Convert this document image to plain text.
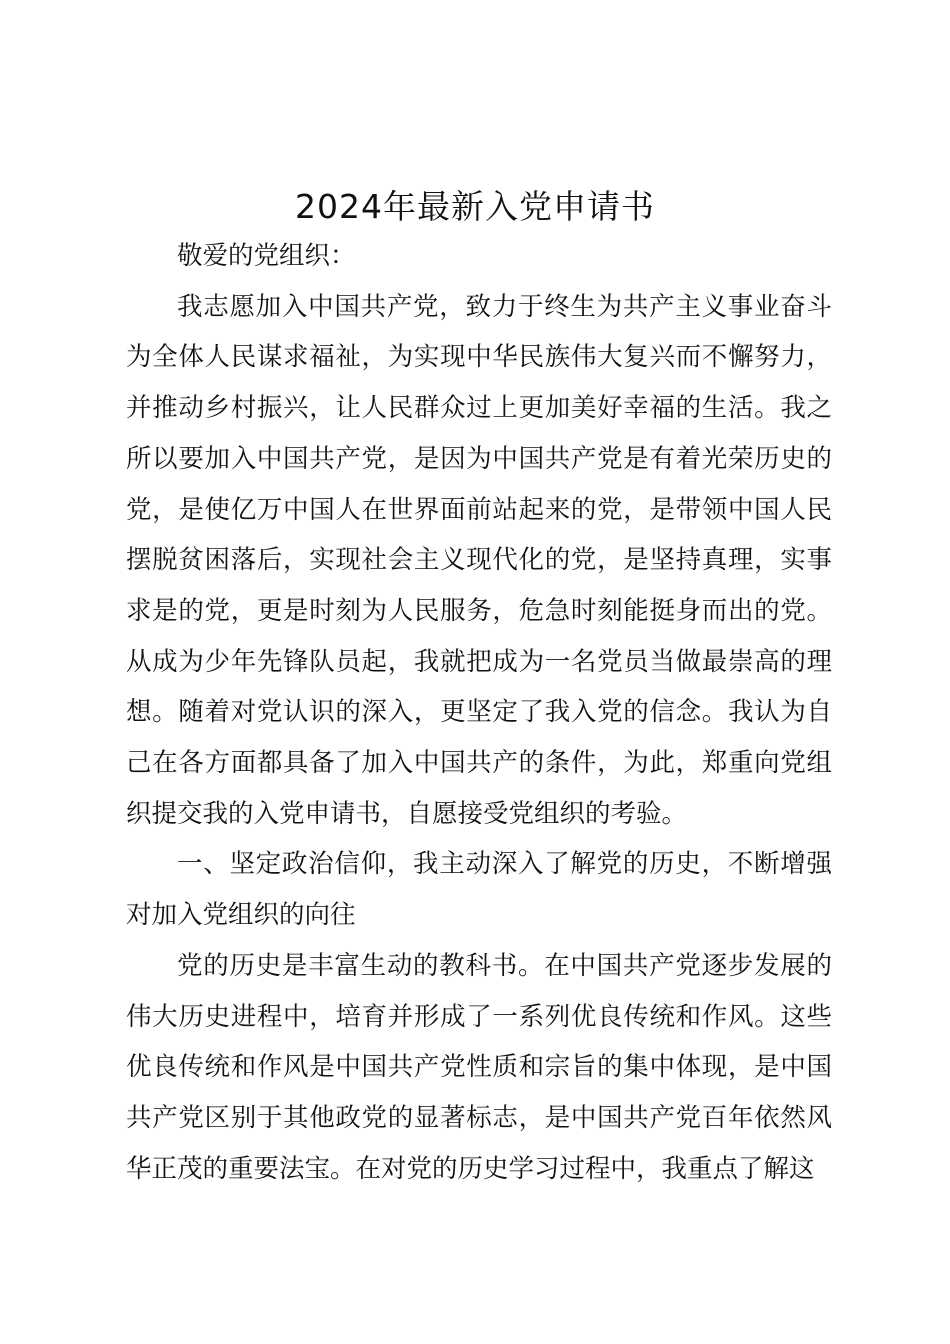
2024年最新入党申请书

敬爱的党组织：

我志愿加入中国共产党，致力于终生为共产主义事业奋斗为全体人民谋求福祉，为实现中华民族伟大复兴而不懈努力，并推动乡村振兴，让人民群众过上更加美好幸福的生活。我之所以要加入中国共产党，是因为中国共产党是有着光荣历史的党，是使亿万中国人在世界面前站起来的党，是带领中国人民摆脱贫困落后，实现社会主义现代化的党，是坚持真理，实事求是的党，更是时刻为人民服务，危急时刻能挺身而出的党。从成为少年先锋队员起，我就把成为一名党员当做最崇高的理想。随着对党认识的深入，更坚定了我入党的信念。我认为自己在各方面都具备了加入中国共产的条件，为此，郑重向党组织提交我的入党申请书，自愿接受党组织的考验。

一、坚定政治信仰，我主动深入了解党的历史，不断增强对加入党组织的向往

党的历史是丰富生动的教科书。在中国共产党逐步发展的伟大历史进程中，培育并形成了一系列优良传统和作风。这些优良传统和作风是中国共产党性质和宗旨的集中体现，是中国共产党区别于其他政党的显著标志，是中国共产党百年依然风华正茂的重要法宝。在对党的历史学习过程中，我重点了解这
